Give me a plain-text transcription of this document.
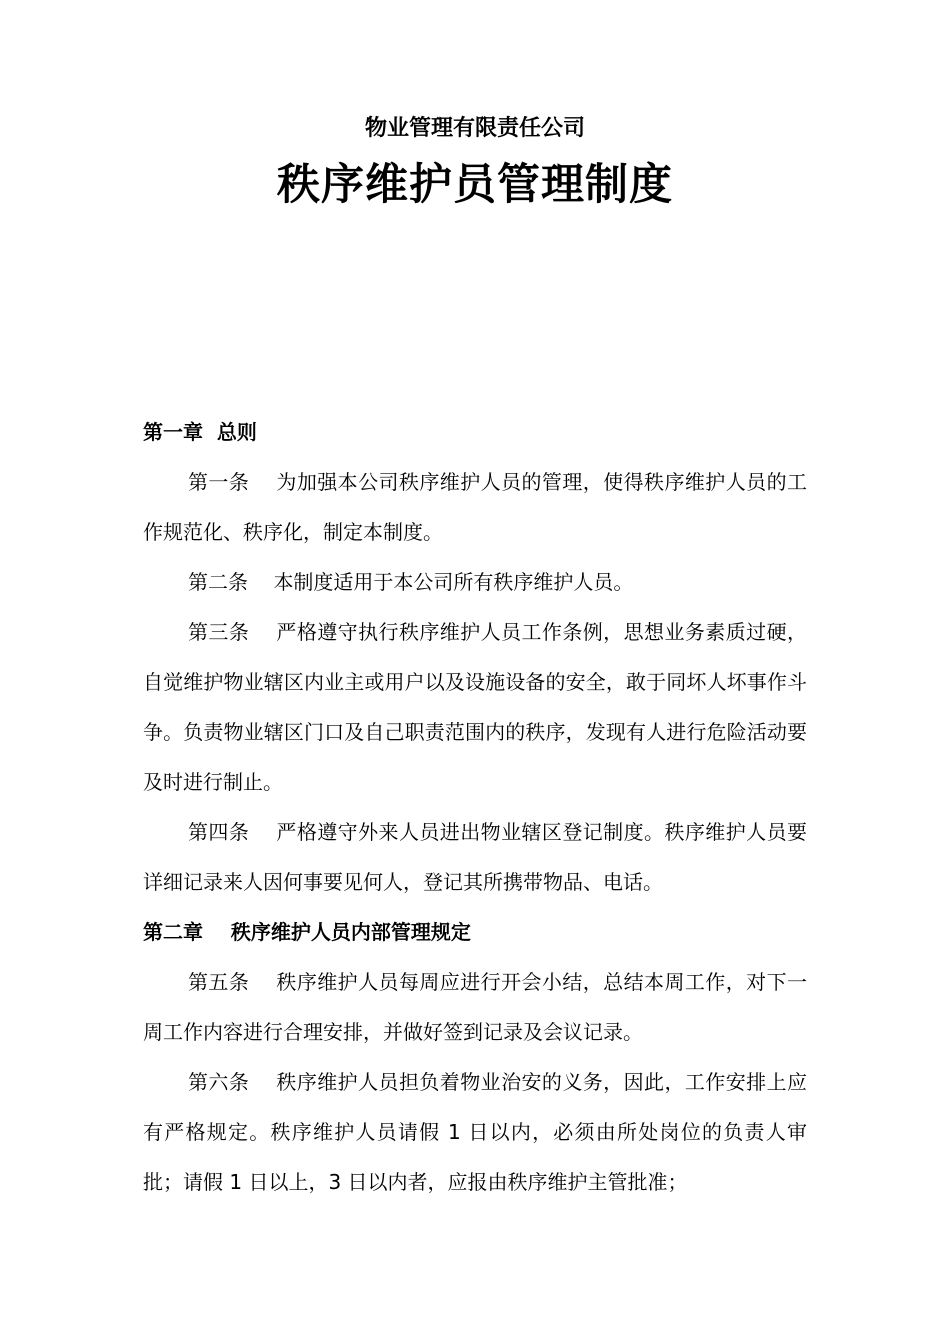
物业管理有限责任公司
秩序维护员管理制度
第一章  总则

第一条 为加强本公司秩序维护人员的管理，使得秩序维护人员的工作规范化、秩序化，制定本制度。

第二条 本制度适用于本公司所有秩序维护人员。

第三条 严格遵守执行秩序维护人员工作条例，思想业务素质过硬，自觉维护物业辖区内业主或用户以及设施设备的安全，敢于同坏人坏事作斗争。负责物业辖区门口及自己职责范围内的秩序，发现有人进行危险活动要及时进行制止。

第四条 严格遵守外来人员进出物业辖区登记制度。秩序维护人员要详细记录来人因何事要见何人，登记其所携带物品、电话。

第二章    秩序维护人员内部管理规定

第五条 秩序维护人员每周应进行开会小结，总结本周工作，对下一周工作内容进行合理安排，并做好签到记录及会议记录。

第六条 秩序维护人员担负着物业治安的义务，因此，工作安排上应有严格规定。秩序维护人员请假 1 日以内，必须由所处岗位的负责人审批；请假 1 日以上，3 日以内者，应报由秩序维护主管批准；
